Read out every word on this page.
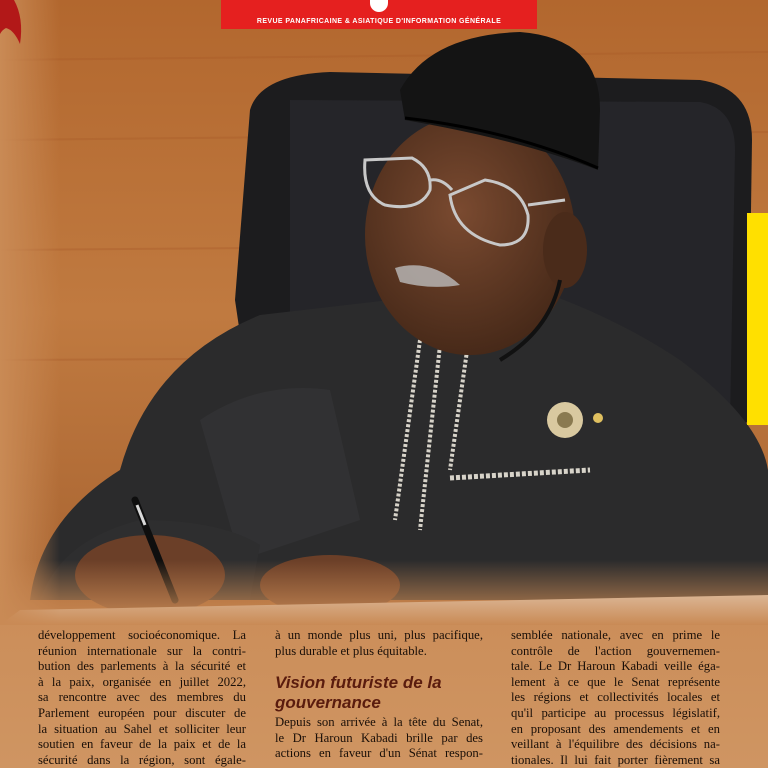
REVUE PANAFRICAINE & ASIATIQUE D'INFORMATION GÉNÉRALE
développement socioéconomique. La
réunion internationale sur la contri-
bution des parlements à la sécurité et
à la paix, organisée en juillet 2022,
sa rencontre avec des membres du
Parlement européen pour discuter de
la situation au Sahel et solliciter leur
soutien en faveur de la paix et de la
sécurité dans la région, sont égale-
à un monde plus uni, plus pacifique,
plus durable et plus équitable.
Vision futuriste de la gouvernance
Depuis son arrivée à la tête du Senat,
le Dr Haroun Kabadi brille par des
actions en faveur d'un Sénat respon-
semblée nationale, avec en prime le
contrôle de l'action gouvernemen-
tale. Le Dr Haroun Kabadi veille éga-
lement à ce que le Senat représente
les régions et collectivités locales et
qu'il participe au processus législatif,
en proposant des amendements et en
veillant à l'équilibre des décisions na-
tionales. Il lui fait porter fièrement sa
